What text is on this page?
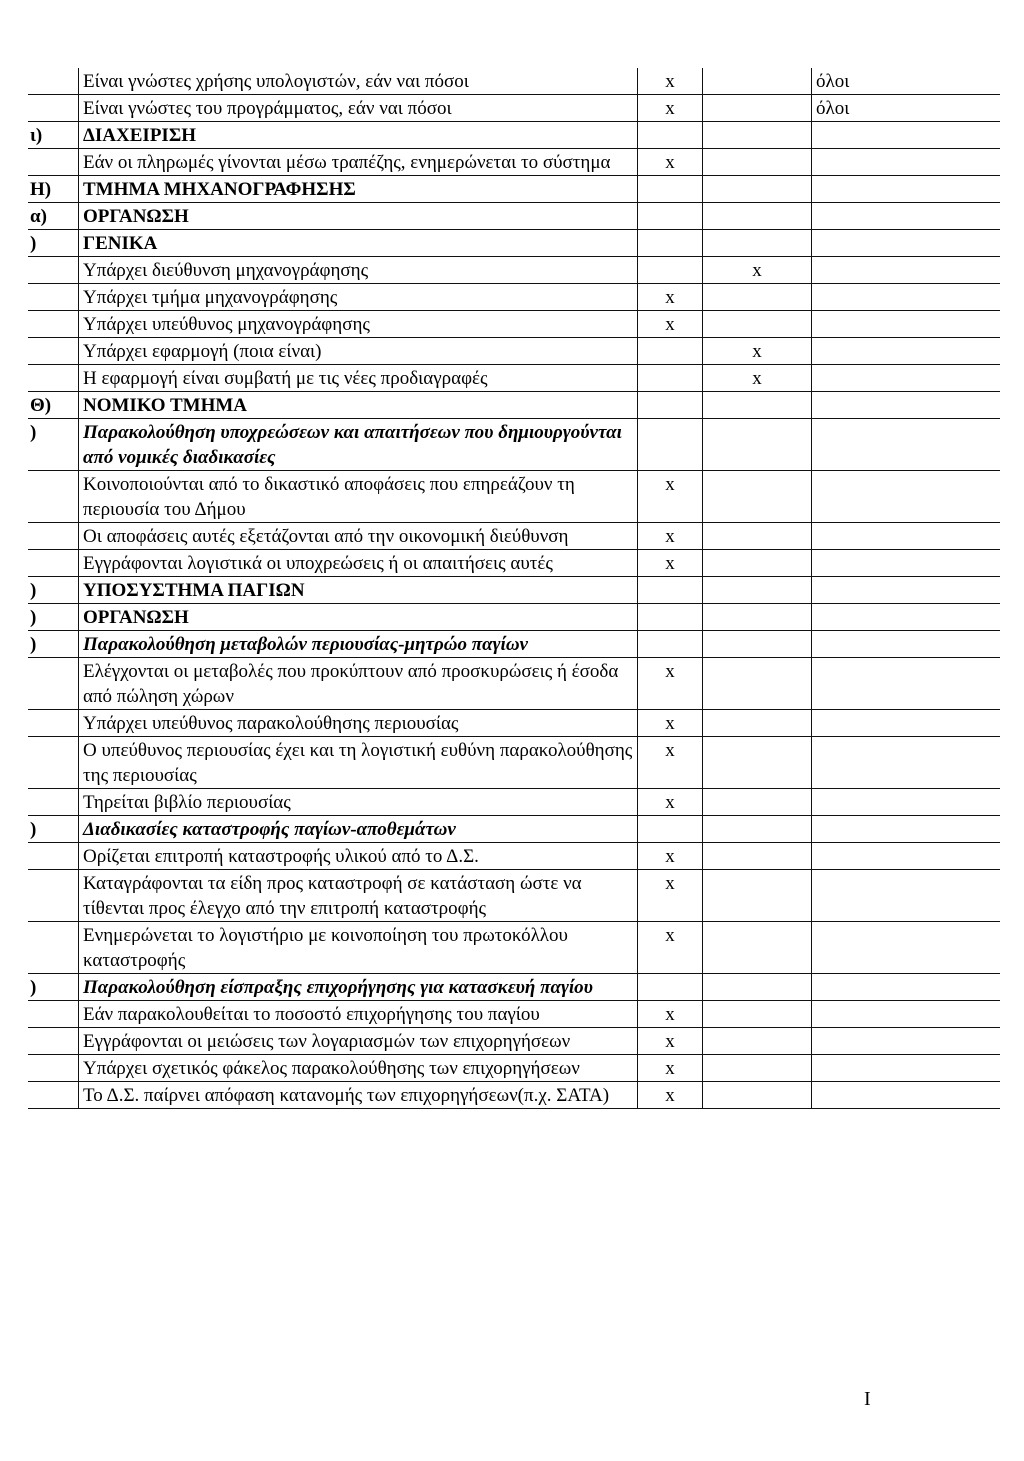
	Είναι γνώστες χρήσης υπολογιστών, εάν ναι πόσοι	x		όλοι
	Είναι γνώστες του προγράμματος, εάν ναι πόσοι	x		όλοι
ι)	ΔΙΑΧΕΙΡΙΣΗ			
	Εάν οι πληρωμές γίνονται μέσω τραπέζης, ενημερώνεται το σύστημα	x		
Η)	ΤΜΗΜΑ ΜΗΧΑΝΟΓΡΑΦΗΣΗΣ			
α)	ΟΡΓΑΝΩΣΗ			
)	ΓΕΝΙΚΑ			
	Υπάρχει διεύθυνση μηχανογράφησης		x	
	Υπάρχει τμήμα μηχανογράφησης	x		
	Υπάρχει υπεύθυνος μηχανογράφησης	x		
	Υπάρχει εφαρμογή (ποια είναι)		x	
	Η εφαρμογή είναι συμβατή με τις νέες προδιαγραφές		x	
Θ)	ΝΟΜΙΚΟ ΤΜΗΜΑ			
)	Παρακολούθηση υποχρεώσεων και απαιτήσεων που δημιουργούνται από νομικές διαδικασίες			
	Κοινοποιούνται από το δικαστικό αποφάσεις που επηρεάζουν τη περιουσία του Δήμου	x		
	Οι αποφάσεις αυτές εξετάζονται από την οικονομική διεύθυνση	x		
	Εγγράφονται λογιστικά οι υποχρεώσεις ή οι απαιτήσεις αυτές	x		
)	ΥΠΟΣΥΣΤΗΜΑ ΠΑΓΙΩΝ			
)	ΟΡΓΑΝΩΣΗ			
)	Παρακολούθηση μεταβολών περιουσίας-μητρώο παγίων			
	Ελέγχονται οι μεταβολές που προκύπτουν από προσκυρώσεις ή έσοδα από πώληση χώρων	x		
	Υπάρχει υπεύθυνος παρακολούθησης περιουσίας	x		
	Ο υπεύθυνος περιουσίας έχει και τη λογιστική ευθύνη παρακολούθησης της περιουσίας	x		
	Τηρείται βιβλίο περιουσίας	x		
)	Διαδικασίες καταστροφής παγίων-αποθεμάτων			
	Ορίζεται επιτροπή καταστροφής υλικού από το Δ.Σ.	x		
	Καταγράφονται τα είδη προς καταστροφή σε κατάσταση ώστε να τίθενται προς έλεγχο από την επιτροπή καταστροφής	x		
	Ενημερώνεται το λογιστήριο με κοινοποίηση του πρωτοκόλλου καταστροφής	x		
)	Παρακολούθηση είσπραξης επιχορήγησης για κατασκευή παγίου			
	Εάν παρακολουθείται το ποσοστό επιχορήγησης του παγίου	x		
	Εγγράφονται οι μειώσεις των λογαριασμών των επιχορηγήσεων	x		
	Υπάρχει σχετικός φάκελος παρακολούθησης των επιχορηγήσεων	x		
	Το Δ.Σ. παίρνει απόφαση κατανομής των επιχορηγήσεων(π.χ. ΣΑΤΑ)	x		
I
